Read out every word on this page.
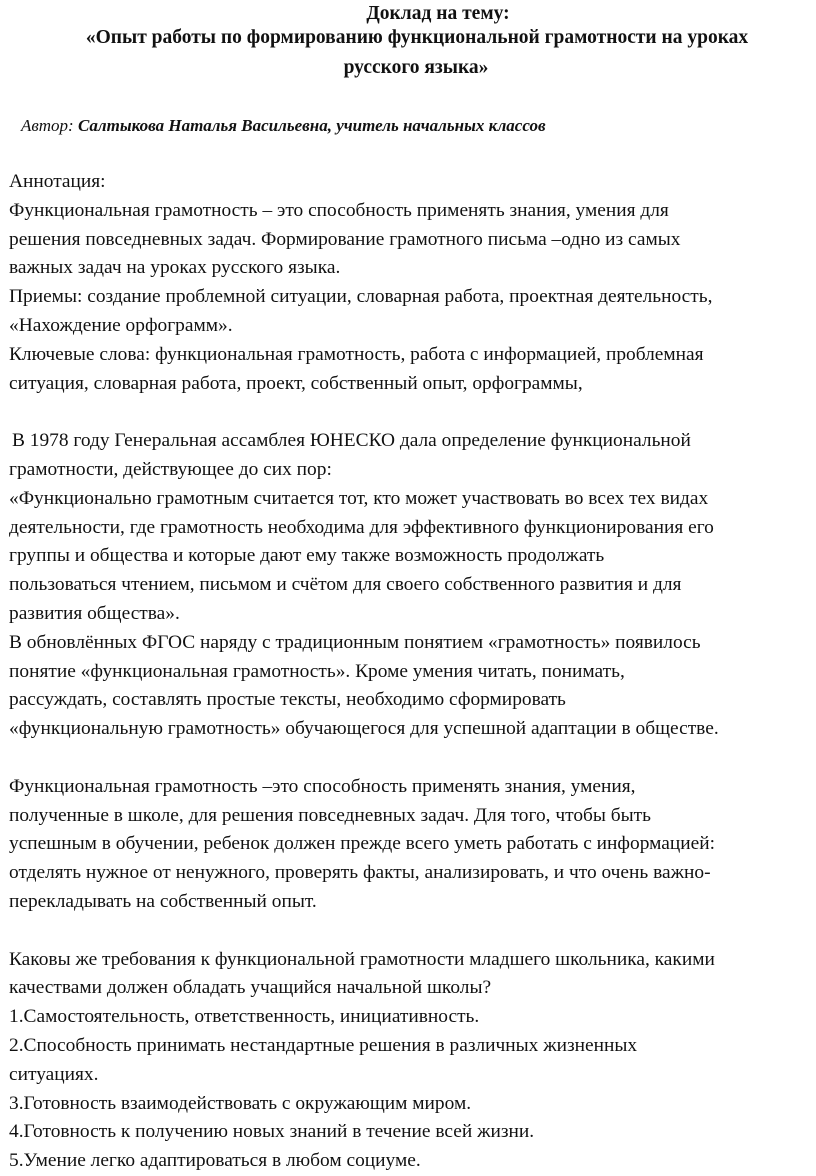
Доклад на тему:
«Опыт работы по формированию функциональной грамотности на уроках
русского языка»
Автор: Салтыкова Наталья Васильевна, учитель начальных классов

Аннотация:

Функциональная грамотность – это способность применять знания, умения для

решения повседневных задач. Формирование грамотного письма –одно из самых

важных задач на уроках русского языка.

Приемы: создание проблемной ситуации, словарная работа, проектная деятельность,

«Нахождение орфограмм».

Ключевые слова: функциональная грамотность, работа с информацией, проблемная

ситуация, словарная работа, проект, собственный опыт, орфограммы,

В 1978 году Генеральная ассамблея ЮНЕСКО дала определение функциональной

грамотности, действующее до сих пор:

«Функционально грамотным считается тот, кто может участвовать во всех тех видах

деятельности, где грамотность необходима для эффективного функционирования его

группы и общества и которые дают ему также возможность продолжать

пользоваться чтением, письмом и счётом для своего собственного развития и для

развития общества».

В обновлённых ФГОС наряду с традиционным понятием «грамотность» появилось

понятие «функциональная грамотность». Кроме умения читать, понимать,

рассуждать, составлять простые тексты, необходимо сформировать

«функциональную грамотность» обучающегося для успешной адаптации в обществе.

Функциональная грамотность –это способность применять знания, умения,

полученные в школе, для решения повседневных задач. Для того, чтобы быть

успешным в обучении, ребенок должен прежде всего уметь работать с информацией:

отделять нужное от ненужного, проверять факты, анализировать, и что очень важно-

перекладывать на собственный опыт.

Каковы же требования к функциональной грамотности младшего школьника, какими

качествами должен обладать учащийся начальной школы?

1.Самостоятельность, ответственность, инициативность.

2.Способность принимать нестандартные решения в различных жизненных

ситуациях.

3.Готовность взаимодействовать с окружающим миром.

4.Готовность к получению новых знаний в течение всей жизни.

5.Умение легко адаптироваться в любом социуме.
